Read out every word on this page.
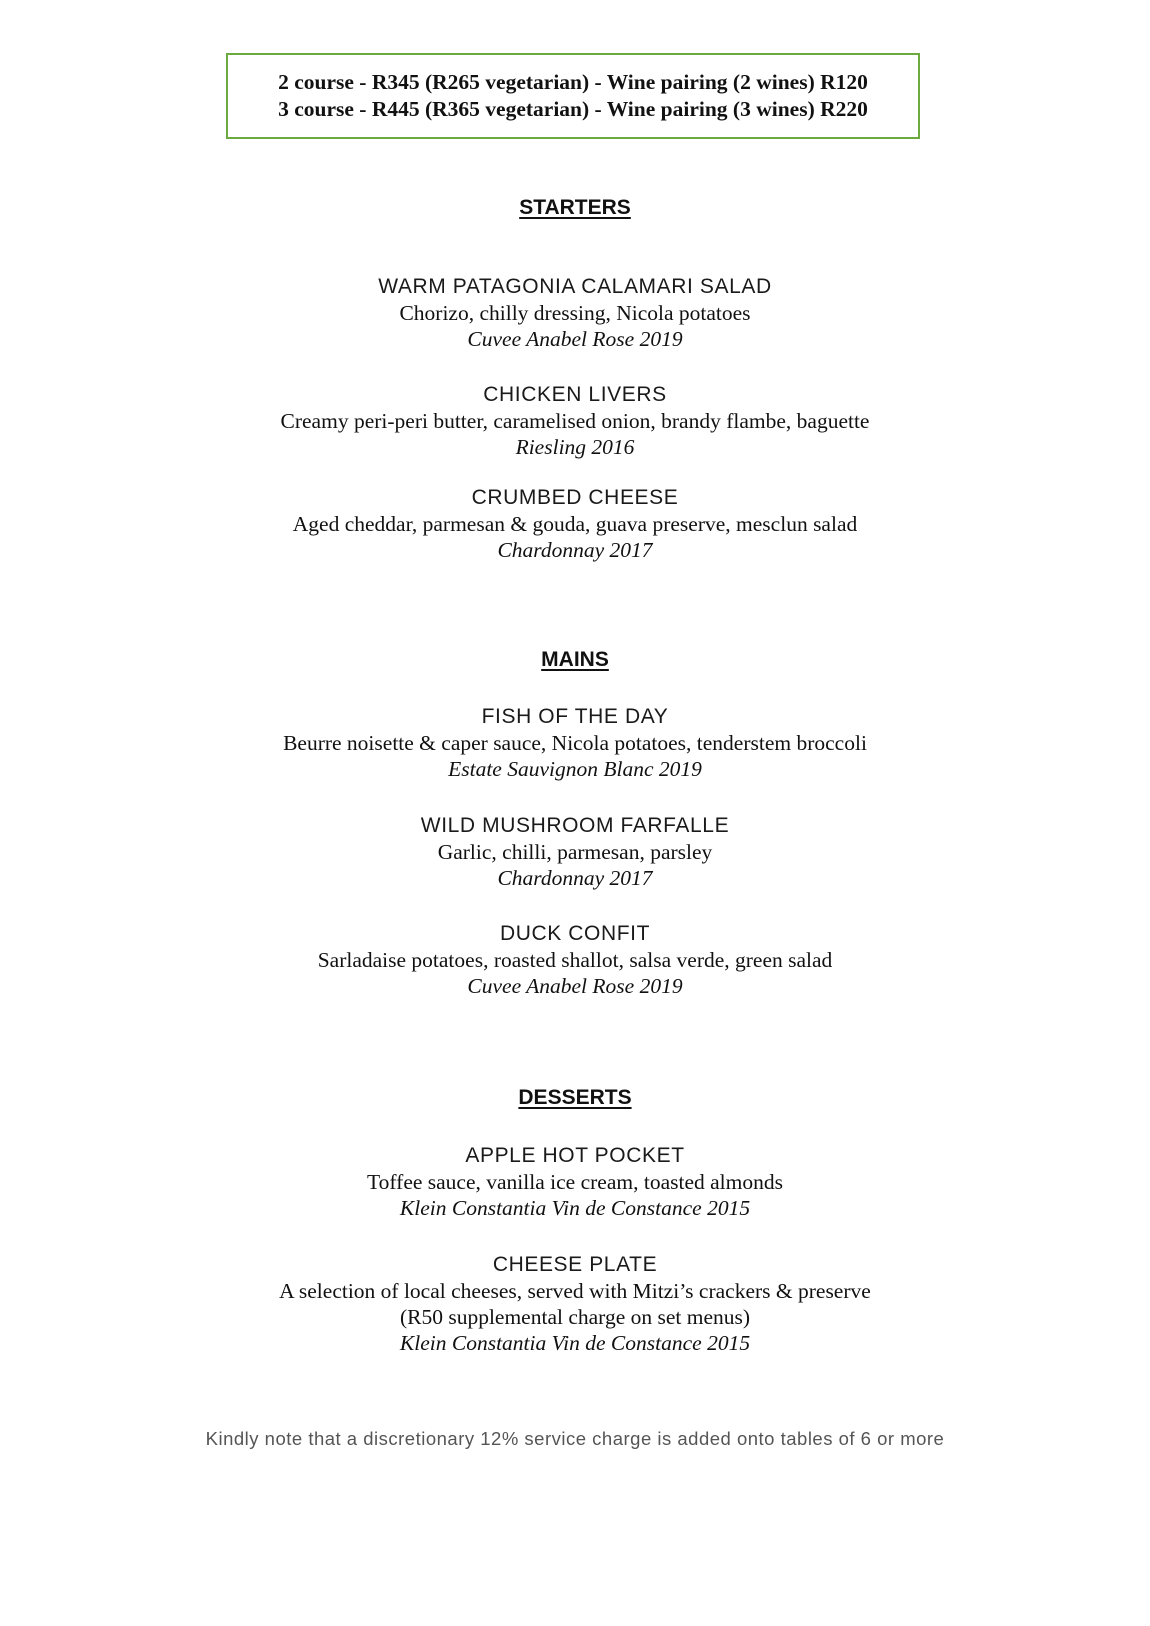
2 course - R345 (R265 vegetarian) - Wine pairing (2 wines) R120
3 course - R445 (R365 vegetarian) - Wine pairing (3 wines) R220
STARTERS
WARM PATAGONIA CALAMARI SALAD
Chorizo, chilly dressing, Nicola potatoes
Cuvee Anabel Rose 2019
CHICKEN LIVERS
Creamy peri-peri butter, caramelised onion, brandy flambe, baguette
Riesling 2016
CRUMBED CHEESE
Aged cheddar, parmesan & gouda, guava preserve, mesclun salad
Chardonnay 2017
MAINS
FISH OF THE DAY
Beurre noisette & caper sauce, Nicola potatoes, tenderstem broccoli
Estate Sauvignon Blanc 2019
WILD MUSHROOM FARFALLE
Garlic, chilli, parmesan, parsley
Chardonnay 2017
DUCK CONFIT
Sarladaise potatoes, roasted shallot, salsa verde, green salad
Cuvee Anabel Rose 2019
DESSERTS
APPLE HOT POCKET
Toffee sauce, vanilla ice cream, toasted almonds
Klein Constantia Vin de Constance 2015
CHEESE PLATE
A selection of local cheeses, served with Mitzi’s crackers & preserve
(R50 supplemental charge on set menus)
Klein Constantia Vin de Constance 2015
Kindly note that a discretionary 12% service charge is added onto tables of 6 or more
